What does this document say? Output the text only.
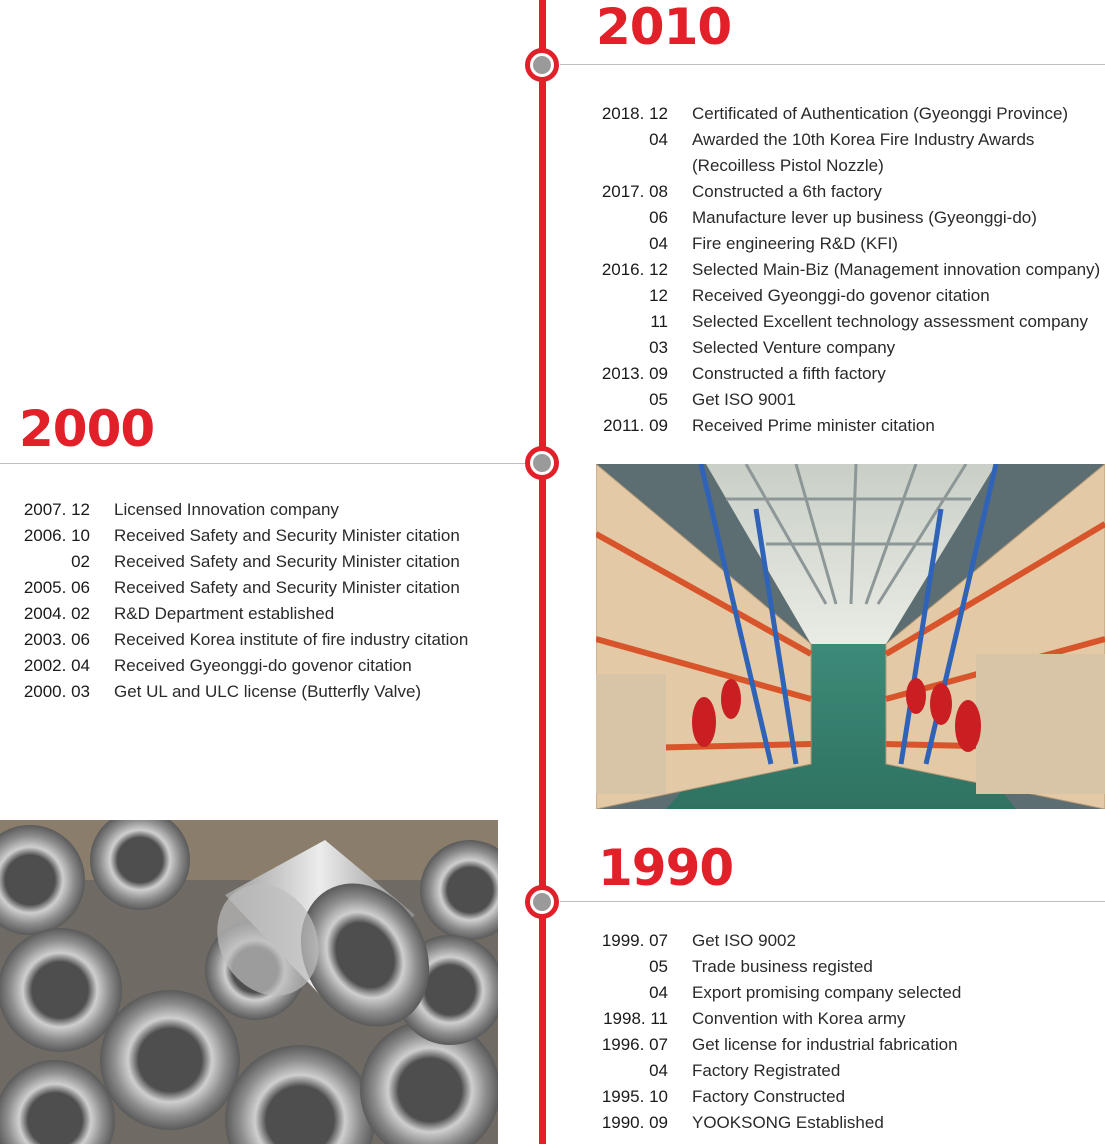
2010
2018. 12 Certificated of Authentication (Gyeonggi Province)
04 Awarded the 10th Korea Fire Industry Awards
(Recoilless Pistol Nozzle)
2017. 08 Constructed a 6th factory
06 Manufacture lever up business (Gyeonggi-do)
04 Fire engineering R&D (KFI)
2016. 12 Selected Main-Biz (Management innovation company)
12 Received Gyeonggi-do govenor citation
11 Selected Excellent technology assessment company
03 Selected Venture company
2013. 09 Constructed a fifth factory
05 Get ISO 9001
2011. 09 Received Prime minister citation
2000
2007. 12 Licensed Innovation company
2006. 10 Received Safety and Security Minister citation
02 Received Safety and Security Minister citation
2005. 06 Received Safety and Security Minister citation
2004. 02 R&D Department established
2003. 06 Received Korea institute of fire industry citation
2002. 04 Received Gyeonggi-do govenor citation
2000. 03 Get UL and ULC license (Butterfly Valve)
1990
1999. 07 Get ISO 9002
05 Trade business registed
04 Export promising company selected
1998. 11 Convention with Korea army
1996. 07 Get license for industrial fabrication
04 Factory Registrated
1995. 10 Factory Constructed
1990. 09 YOOKSONG Established
